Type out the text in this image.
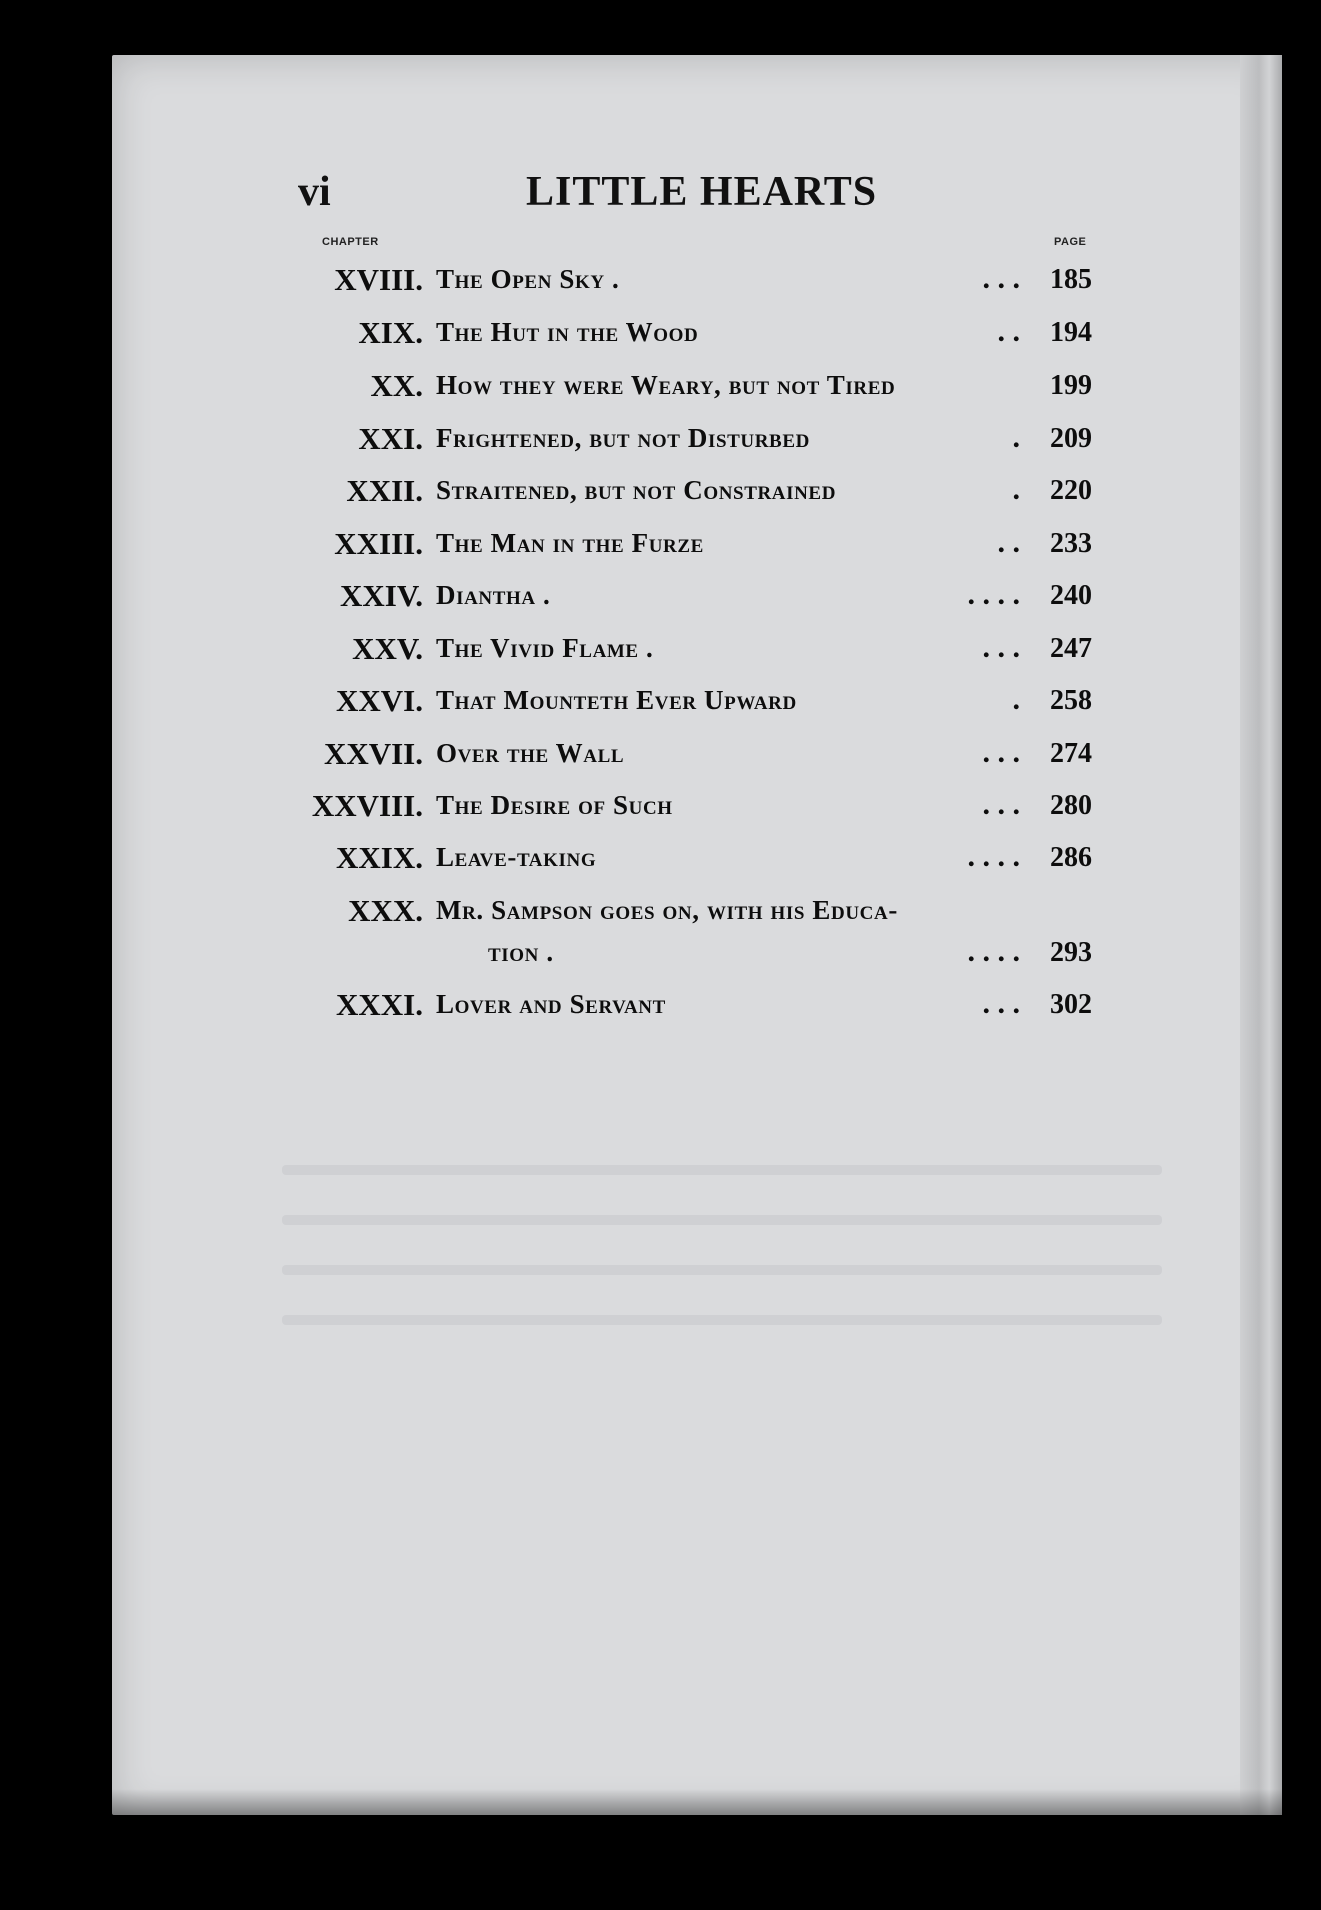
vi	LITTLE HEARTS
CHAPTER	PAGE
XVIII. The Open Sky .	. . . 185
XIX. The Hut in the Wood	. . 194
XX. How they were Weary, but not Tired	199
XXI. Frightened, but not Disturbed	. 209
XXII. Straitened, but not Constrained	. 220
XXIII. The Man in the Furze	. . 233
XXIV. Diantha .	. . . . 240
XXV. The Vivid Flame .	. . . 247
XXVI. That Mounteth Ever Upward	. 258
XXVII. Over the Wall	. . . 274
XXVIII. The Desire of Such	. . . 280
XXIX. Leave-taking	. . . . 286
XXX. Mr. Sampson goes on, with his Educa-
tion .	. . . . 293
XXXI. Lover and Servant	. . . 302
